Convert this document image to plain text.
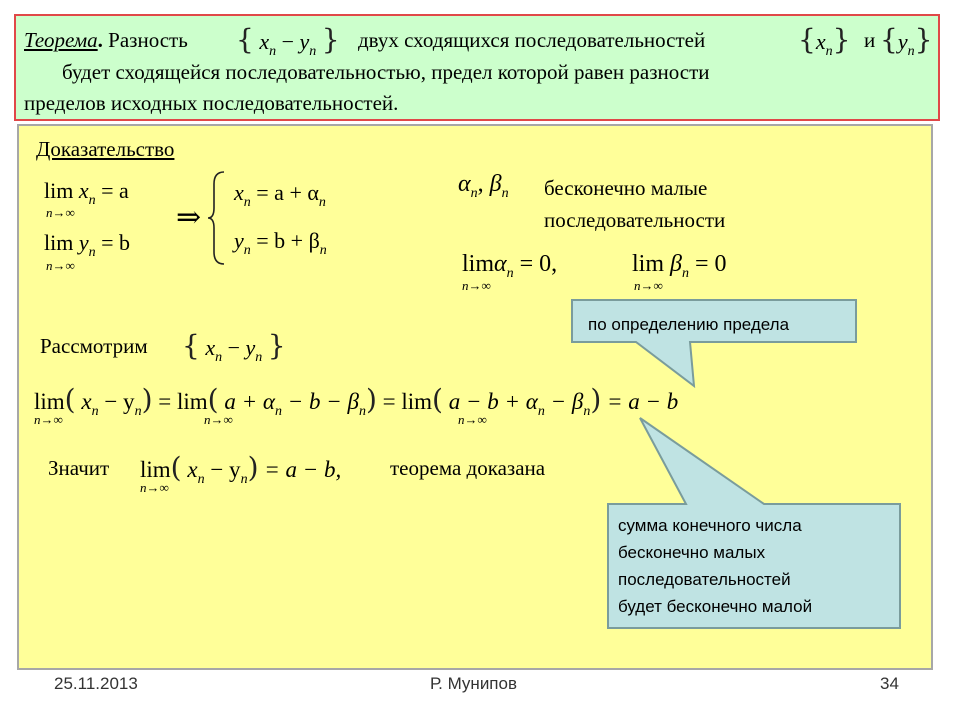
Теорема. Разность { $x_n - y_n$ } двух сходящихся последовательностей	$\{x_n\}$ и $\{y_n\}$
будет сходящейся последовательностью, предел которой равен разности
пределов исходных последовательностей.
Доказательство
$\lim x_n = a$
n→∞
$\lim y_n = b$
n→∞
⇒
$x_n = a + \alpha_n$
$y_n = b + \beta_n$
$\alpha_n$, $\beta_n$ бесконечно малые
последовательности
limα$_n$ = 0,
n→∞
$\lim \beta_n = 0$
n→∞
по определению предела
Рассмотрим { $x_n - y_n$ }
lim( $x_n - y_n) = \lim$( $a + \alpha_n - b - \beta_n) = \lim$( $a - b + \alpha_n - \beta_n) = a - b$
n→∞	n→∞	n→∞
сумма конечного числа
бесконечно малых
последовательностей
будет бесконечно малой
Значит lim( $x_n - y_n) = a - b$,
n→∞
теорема доказана
25.11.2013	Р. Мунипов	34
